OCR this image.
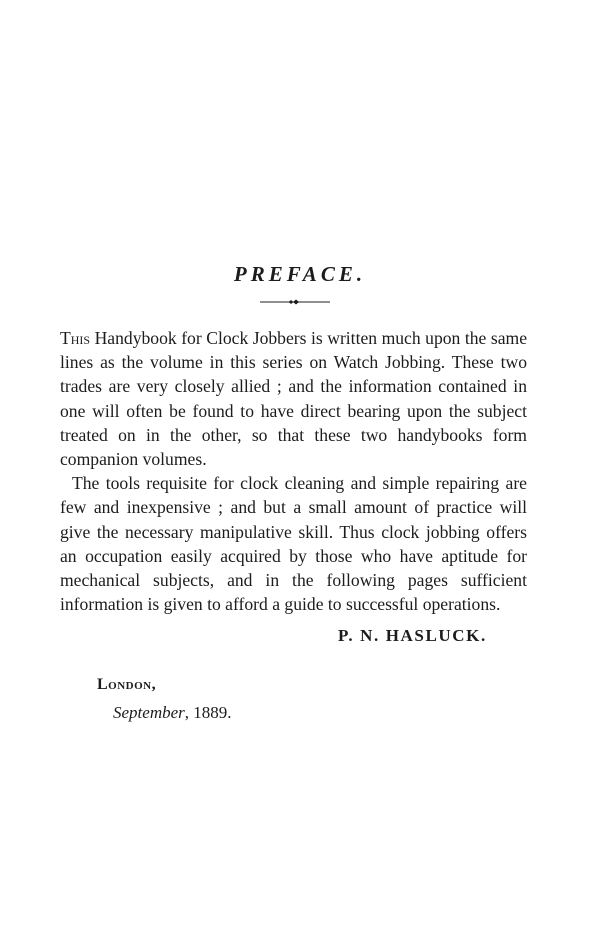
PREFACE.

This Handybook for Clock Jobbers is written much upon the same lines as the volume in this series on Watch Jobbing. These two trades are very closely allied ; and the information contained in one will often be found to have direct bearing upon the subject treated on in the other, so that these two handybooks form companion volumes.

The tools requisite for clock cleaning and simple repairing are few and inexpensive ; and but a small amount of practice will give the necessary manipulative skill. Thus clock jobbing offers an occupation easily acquired by those who have aptitude for mechanical subjects, and in the following pages sufficient information is given to afford a guide to successful operations.

P. N. HASLUCK.
London,
September, 1889.
